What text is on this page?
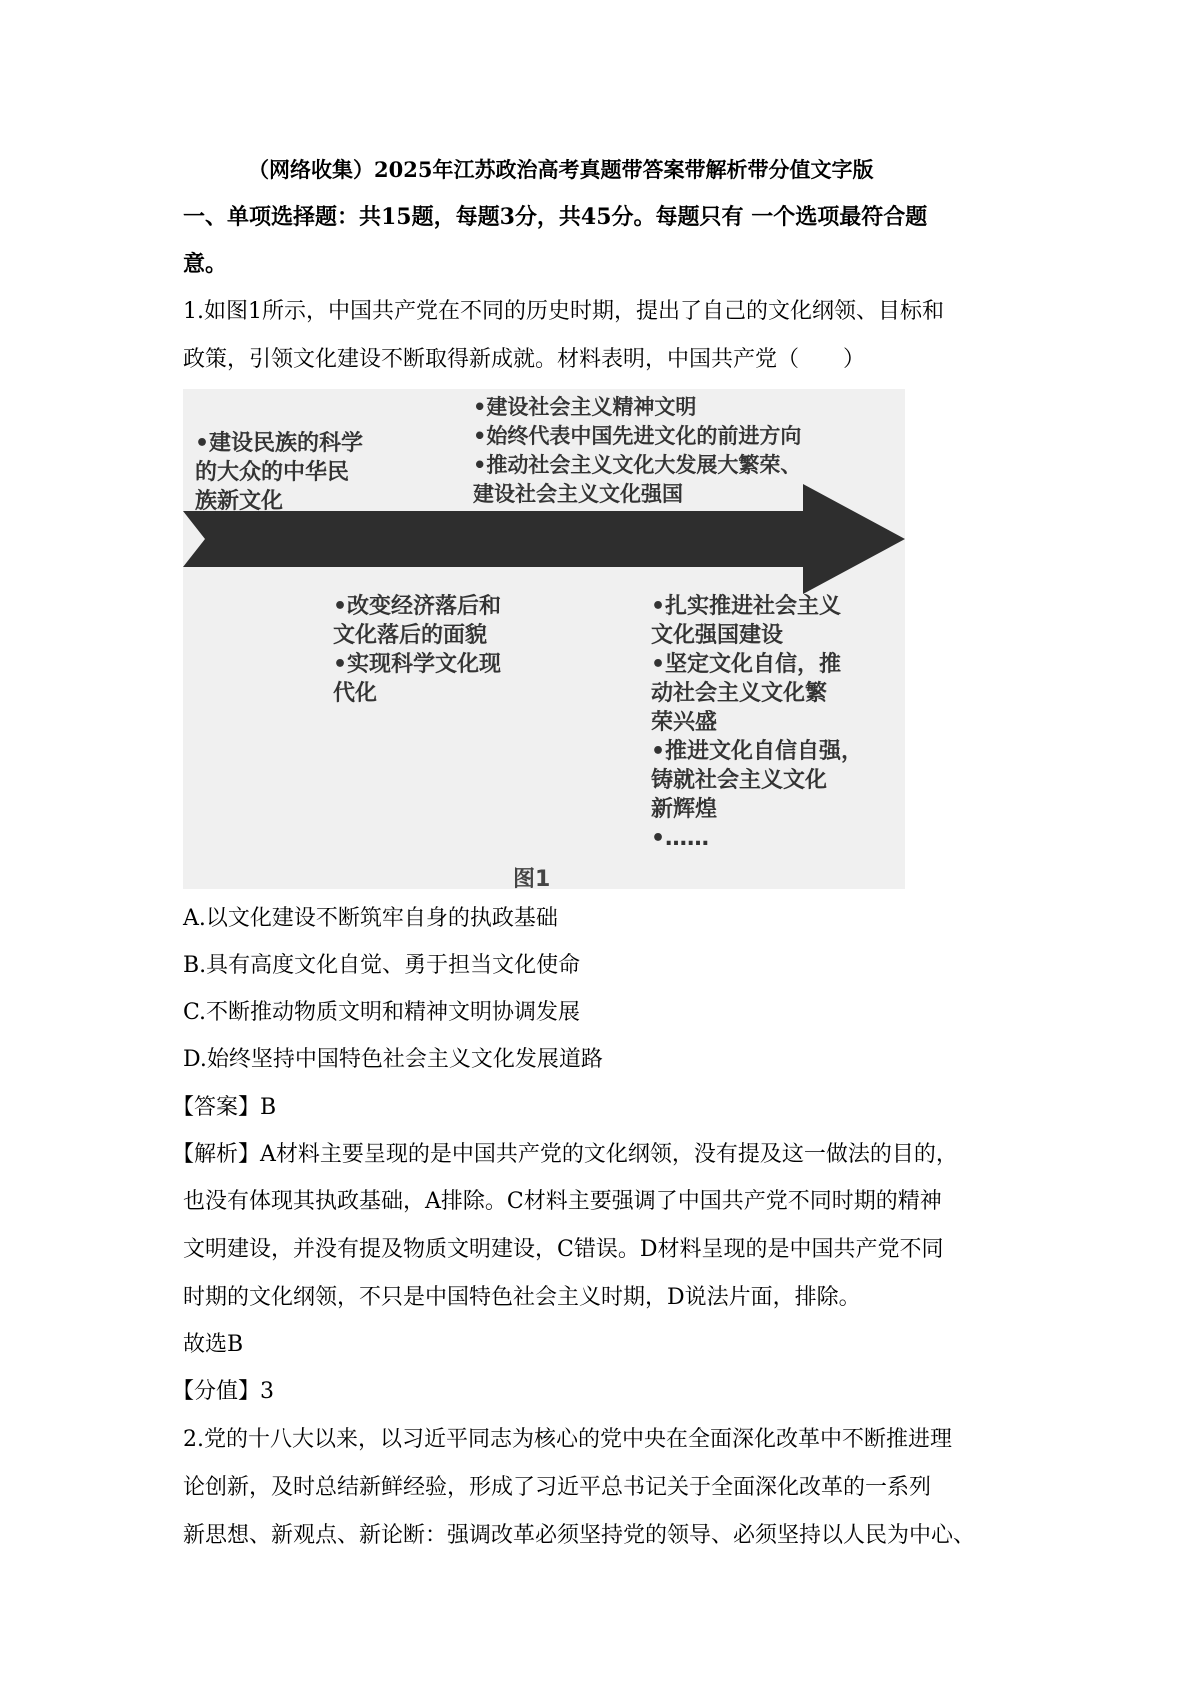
（网络收集）2025年江苏政治高考真题带答案带解析带分值文字版
一、单项选择题：共15题，每题3分，共45分。每题只有 一个选项最符合题
意。
1.如图1所示，中国共产党在不同的历史时期，提出了自己的文化纲领、目标和
政策，引领文化建设不断取得新成就。材料表明，中国共产党（　　）
•建设民族的科学
的大众的中华民
族新文化
•建设社会主义精神文明
•始终代表中国先进文化的前进方向
•推动社会主义文化大发展大繁荣、
建设社会主义文化强国
•改变经济落后和
文化落后的面貌
•实现科学文化现
代化
•扎实推进社会主义
文化强国建设
•坚定文化自信，推
动社会主义文化繁
荣兴盛
•推进文化自信自强，
铸就社会主义文化
新辉煌
•……
图1
A.以文化建设不断筑牢自身的执政基础
B.具有高度文化自觉、勇于担当文化使命
C.不断推动物质文明和精神文明协调发展
D.始终坚持中国特色社会主义文化发展道路
【答案】B
【解析】A材料主要呈现的是中国共产党的文化纲领，没有提及这一做法的目的，
也没有体现其执政基础，A排除。C材料主要强调了中国共产党不同时期的精神
文明建设，并没有提及物质文明建设，C错误。D材料呈现的是中国共产党不同
时期的文化纲领，不只是中国特色社会主义时期，D说法片面，排除。
故选B
【分值】3
2.党的十八大以来，以习近平同志为核心的党中央在全面深化改革中不断推进理
论创新，及时总结新鲜经验，形成了习近平总书记关于全面深化改革的一系列
新思想、新观点、新论断：强调改革必须坚持党的领导、必须坚持以人民为中心、
